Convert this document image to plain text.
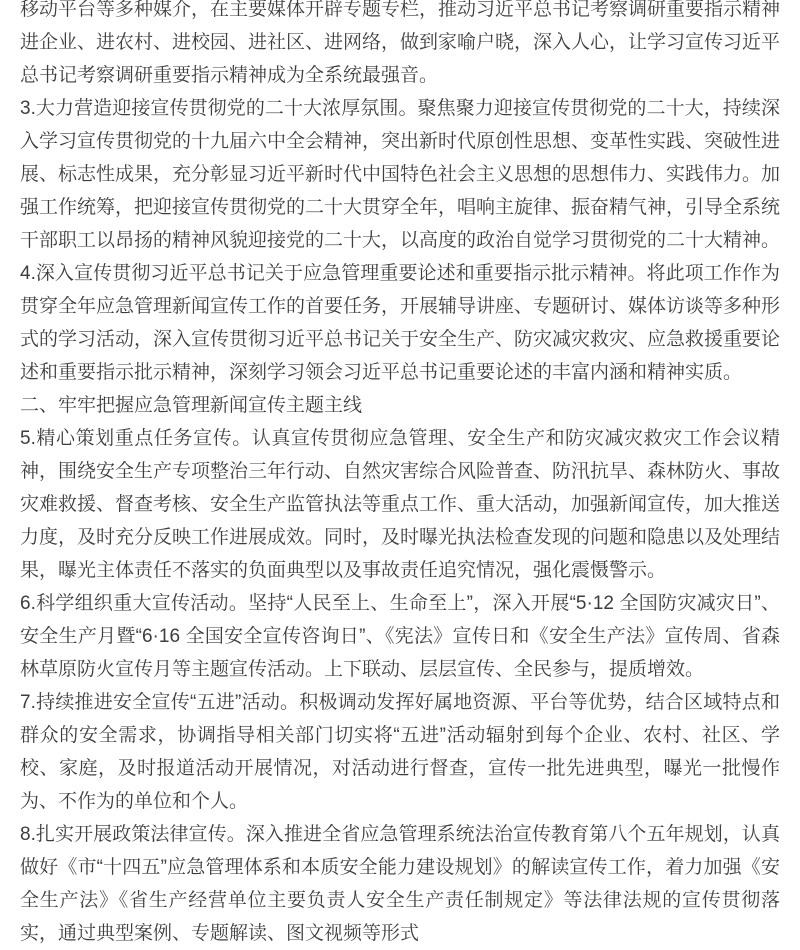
移动平台等多种媒介，在主要媒体开辟专题专栏，推动习近平总书记考察调研重要指示精神进企业、进农村、进校园、进社区、进网络，做到家喻户晓，深入人心，让学习宣传习近平总书记考察调研重要指示精神成为全系统最强音。

3.大力营造迎接宣传贯彻党的二十大浓厚氛围。聚焦聚力迎接宣传贯彻党的二十大，持续深入学习宣传贯彻党的十九届六中全会精神，突出新时代原创性思想、变革性实践、突破性进展、标志性成果，充分彰显习近平新时代中国特色社会主义思想的思想伟力、实践伟力。加强工作统筹，把迎接宣传贯彻党的二十大贯穿全年，唱响主旋律、振奋精气神，引导全系统干部职工以昂扬的精神风貌迎接党的二十大，以高度的政治自觉学习贯彻党的二十大精神。

4.深入宣传贯彻习近平总书记关于应急管理重要论述和重要指示批示精神。将此项工作作为贯穿全年应急管理新闻宣传工作的首要任务，开展辅导讲座、专题研讨、媒体访谈等多种形式的学习活动，深入宣传贯彻习近平总书记关于安全生产、防灾减灾救灾、应急救援重要论述和重要指示批示精神，深刻学习领会习近平总书记重要论述的丰富内涵和精神实质。

二、牢牢把握应急管理新闻宣传主题主线

5.精心策划重点任务宣传。认真宣传贯彻应急管理、安全生产和防灾减灾救灾工作会议精神，围绕安全生产专项整治三年行动、自然灾害综合风险普查、防汛抗旱、森林防火、事故灾难救援、督查考核、安全生产监管执法等重点工作、重大活动，加强新闻宣传，加大推送力度，及时充分反映工作进展成效。同时，及时曝光执法检查发现的问题和隐患以及处理结果，曝光主体责任不落实的负面典型以及事故责任追究情况，强化震慑警示。

6.科学组织重大宣传活动。坚持“人民至上、生命至上”，深入开展“5·12 全国防灾减灾日”、安全生产月暨“6·16 全国安全宣传咨询日”、《宪法》宣传日和《安全生产法》宣传周、省森林草原防火宣传月等主题宣传活动。上下联动、层层宣传、全民参与，提质增效。

7.持续推进安全宣传“五进”活动。积极调动发挥好属地资源、平台等优势，结合区域特点和群众的安全需求，协调指导相关部门切实将“五进”活动辐射到每个企业、农村、社区、学校、家庭，及时报道活动开展情况，对活动进行督查，宣传一批先进典型，曝光一批慢作为、不作为的单位和个人。

8.扎实开展政策法律宣传。深入推进全省应急管理系统法治宣传教育第八个五年规划，认真做好《市“十四五”应急管理体系和本质安全能力建设规划》的解读宣传工作，着力加强《安全生产法》《省生产经营单位主要负责人安全生产责任制规定》等法律法规的宣传贯彻落实，通过典型案例、专题解读、图文视频等形式
